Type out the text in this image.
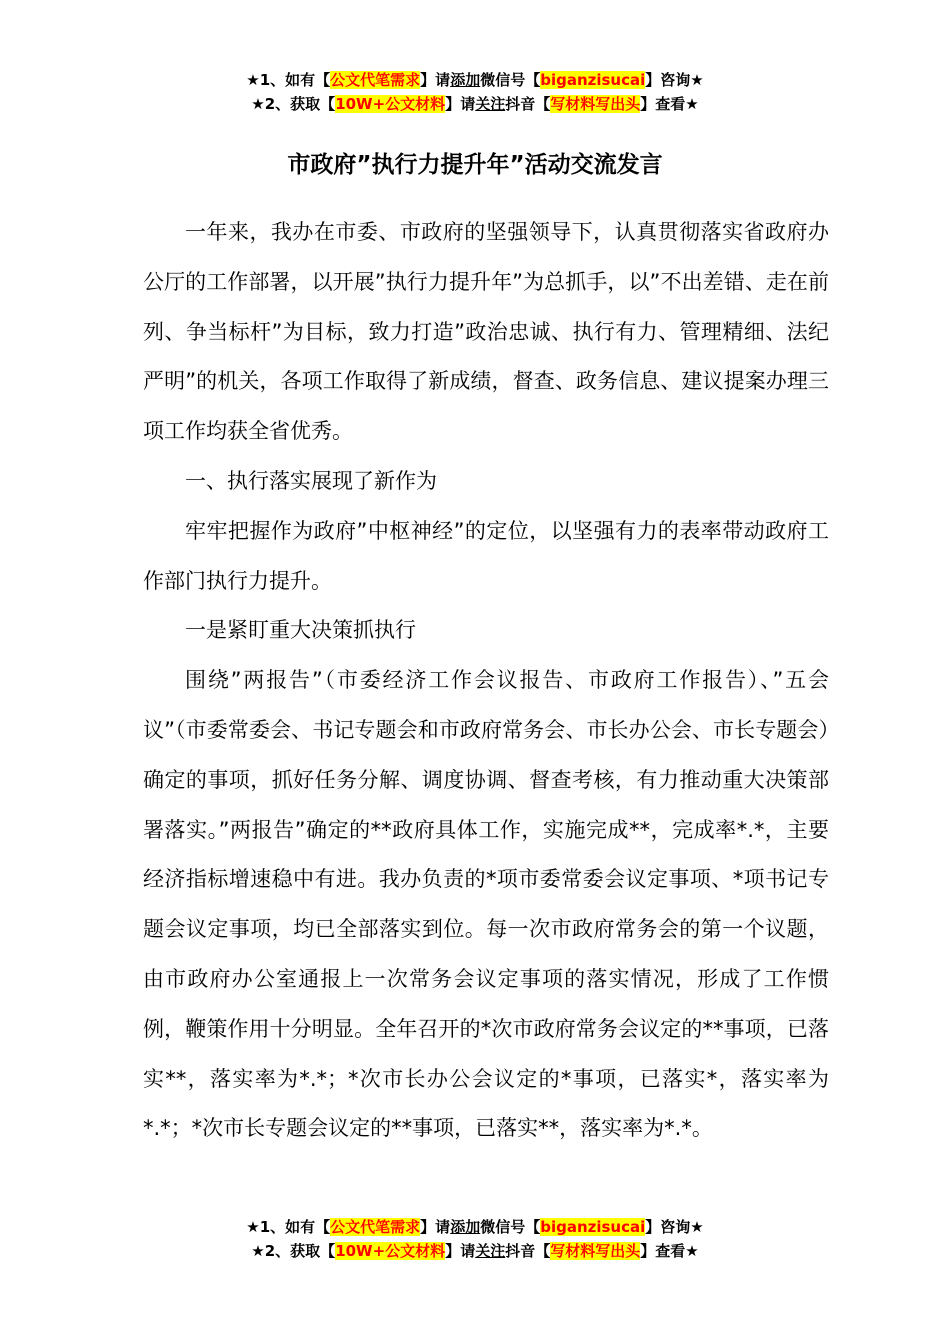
★1、如有【公文代笔需求】请添加微信号【biganzisucai】咨询★
★2、获取【10W+公文材料】请关注抖音【写材料写出头】查看★
市政府”执行力提升年”活动交流发言

一年来，我办在市委、市政府的坚强领导下，认真贯彻落实省政府办公厅的工作部署，以开展”执行力提升年”为总抓手，以”不出差错、走在前列、争当标杆”为目标，致力打造”政治忠诚、执行有力、管理精细、法纪严明”的机关，各项工作取得了新成绩，督查、政务信息、建议提案办理三项工作均获全省优秀。

一、执行落实展现了新作为

牢牢把握作为政府”中枢神经”的定位，以坚强有力的表率带动政府工作部门执行力提升。

一是紧盯重大决策抓执行

围绕”两报告”（市委经济工作会议报告、市政府工作报告）、”五会议”（市委常委会、书记专题会和市政府常务会、市长办公会、市长专题会）确定的事项，抓好任务分解、调度协调、督查考核，有力推动重大决策部署落实。”两报告”确定的**政府具体工作，实施完成**，完成率*.*，主要经济指标增速稳中有进。我办负责的*项市委常委会议定事项、*项书记专题会议定事项，均已全部落实到位。每一次市政府常务会的第一个议题，由市政府办公室通报上一次常务会议定事项的落实情况，形成了工作惯例，鞭策作用十分明显。全年召开的*次市政府常务会议定的**事项，已落实**，落实率为*.*；*次市长办公会议定的*事项，已落实*，落实率为*.*；*次市长专题会议定的**事项，已落实**，落实率为*.*。

★1、如有【公文代笔需求】请添加微信号【biganzisucai】咨询★
★2、获取【10W+公文材料】请关注抖音【写材料写出头】查看★
